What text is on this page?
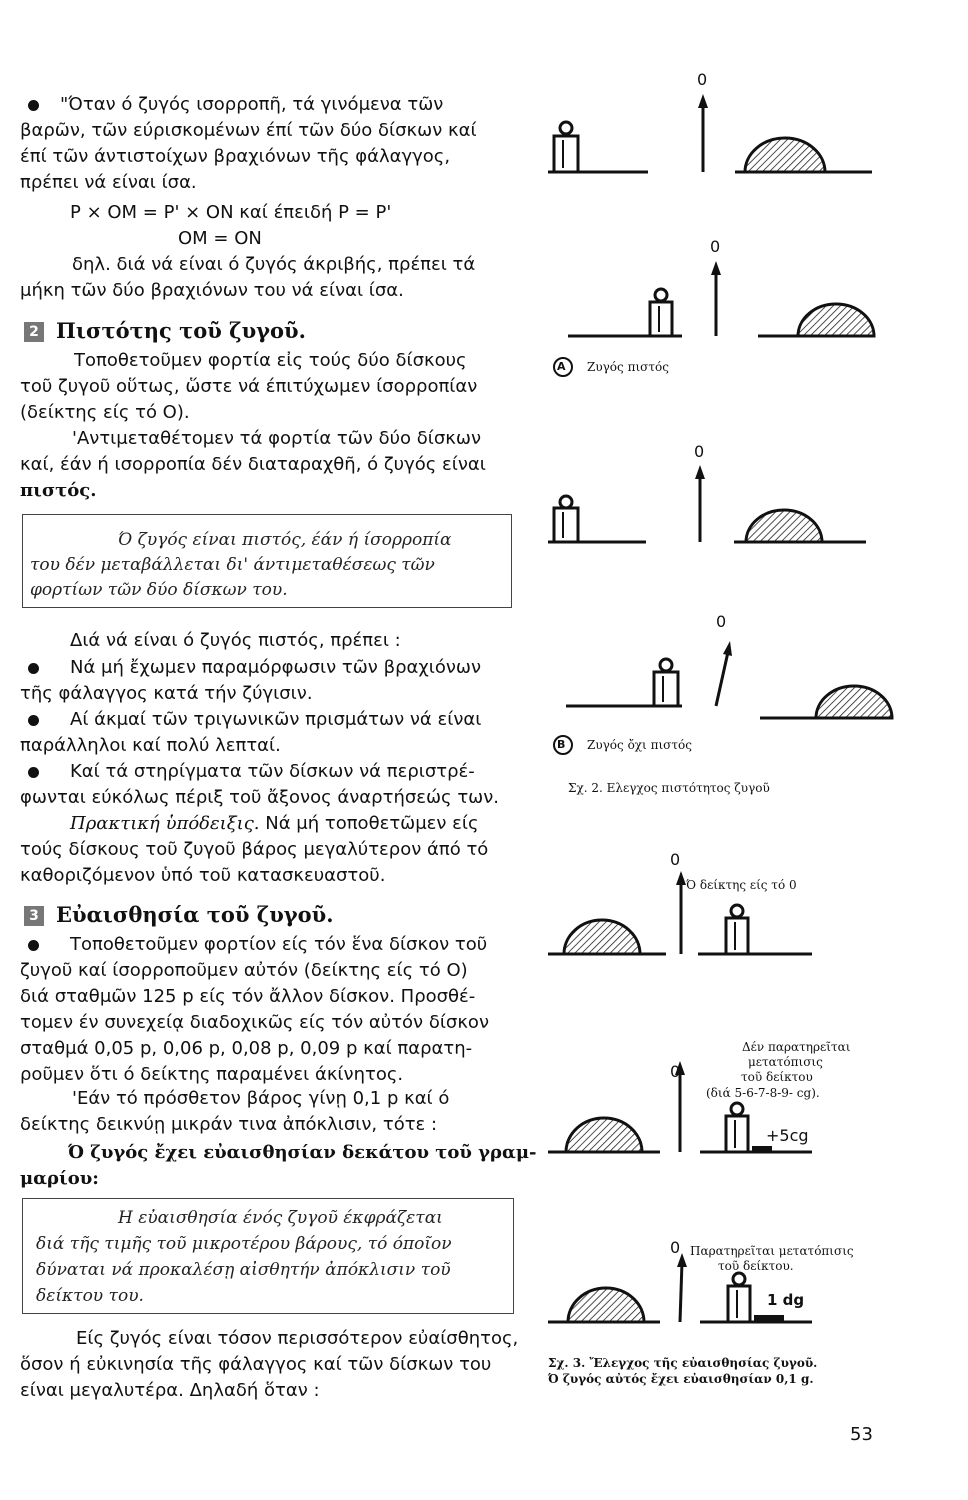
"Όταν ό ζυγός ισορροπῆ, τά γινόμενα τῶν
βαρῶν, τῶν εύρισκομένων έπί τῶν δύο δίσκων καί
έπί τῶν άντιστοίχων βραχιόνων τῆς φάλαγγος,
πρέπει νά είναι ίσα.
P × OM = P' × ON καί έπειδή P = P'
OM = ON
δηλ. διά νά είναι ό ζυγός άκριβής, πρέπει τά
μήκη τῶν δύο βραχιόνων του νά είναι ίσα.
2 Πιστότης τοῦ ζυγοῦ.
Τοποθετοῦμεν φορτία εἰς τούς δύο δίσκους
τοῦ ζυγοῦ οὕτως, ὥστε νά έπιτύχωμεν ίσορροπίαν
(δείκτης είς τό Ο).
'Αντιμεταθέτομεν τά φορτία τῶν δύο δίσκων
καί, έάν ή ισορροπία δέν διαταραχθῆ, ό ζυγός είναι
πιστός.
Ό ζυγός είναι πιστός, έάν ή ίσορροπία
του δέν μεταβάλλεται δι' άντιμεταθέσεως τῶν
φορτίων τῶν δύο δίσκων του.
Διά νά είναι ό ζυγός πιστός, πρέπει :
Νά μή ἔχωμεν παραμόρφωσιν τῶν βραχιόνων
τῆς φάλαγγος κατά τήν ζύγισιν.
Αί άκμαί τῶν τριγωνικῶν πρισμάτων νά είναι
παράλληλοι καί πολύ λεπταί.
Καί τά στηρίγματα τῶν δίσκων νά περιστρέ-
φωνται εύκόλως πέριξ τοῦ ἄξονος άναρτήσεώς των.
Πρακτική ὑπόδειξις. Νά μή τοποθετῶμεν είς
τούς δίσκους τοῦ ζυγοῦ βάρος μεγαλύτερον άπό τό
καθοριζόμενον ὑπό τοῦ κατασκευαστοῦ.
3 Εὐαισθησία τοῦ ζυγοῦ.
Τοποθετοῦμεν φορτίον είς τόν ἕνα δίσκον τοῦ
ζυγοῦ καί ίσορροποῦμεν αὐτόν (δείκτης είς τό Ο)
διά σταθμῶν 125 p είς τόν ἄλλον δίσκον. Προσθέ-
τομεν έν συνεχείᾳ διαδοχικῶς είς τόν αὐτόν δίσκον
σταθμά 0,05 p, 0,06 p, 0,08 p, 0,09 p καί παρατη-
ροῦμεν ὅτι ό δείκτης παραμένει άκίνητος.
'Εάν τό πρόσθετον βάρος γίνῃ 0,1 p καί ό
δείκτης δεικνύῃ μικράν τινα ἀπόκλισιν, τότε :
Ό ζυγός ἔχει εὐαισθησίαν δεκάτου τοῦ γραμ-
μαρίου:
Η εὐαισθησία ένός ζυγοῦ έκφράζεται
διά τῆς τιμῆς τοῦ μικροτέρου βάρους, τό όποῖον
δύναται νά προκαλέσῃ αἰσθητήν ἀπόκλισιν τοῦ
δείκτου του.
Είς ζυγός είναι τόσον περισσότερον εὐαίσθητος,
ὅσον ή εὐκινησία τῆς φάλαγγος καί τῶν δίσκων του
είναι μεγαλυτέρα. Δηλαδή ὅταν :
0
0
0
0
A Ζυγός πιστός
B Ζυγός ὄχι πιστός
Σχ. 2. Ελεγχος πιστότητος ζυγοῦ
0
Ό δείκτης είς τό 0
Δέν παρατηρεῖται
μετατόπισις
τοῦ δείκτου
(διά 5-6-7-8-9- cg).
0
+5cg
0 Παρατηρεῖται μετατόπισις
τοῦ δείκτου.
1 dg
Σχ. 3. Ἔλεγχος τῆς εὐαισθησίας ζυγοῦ.
Ό ζυγός αὐτός ἔχει εὐαισθησίαν 0,1 g.
53
